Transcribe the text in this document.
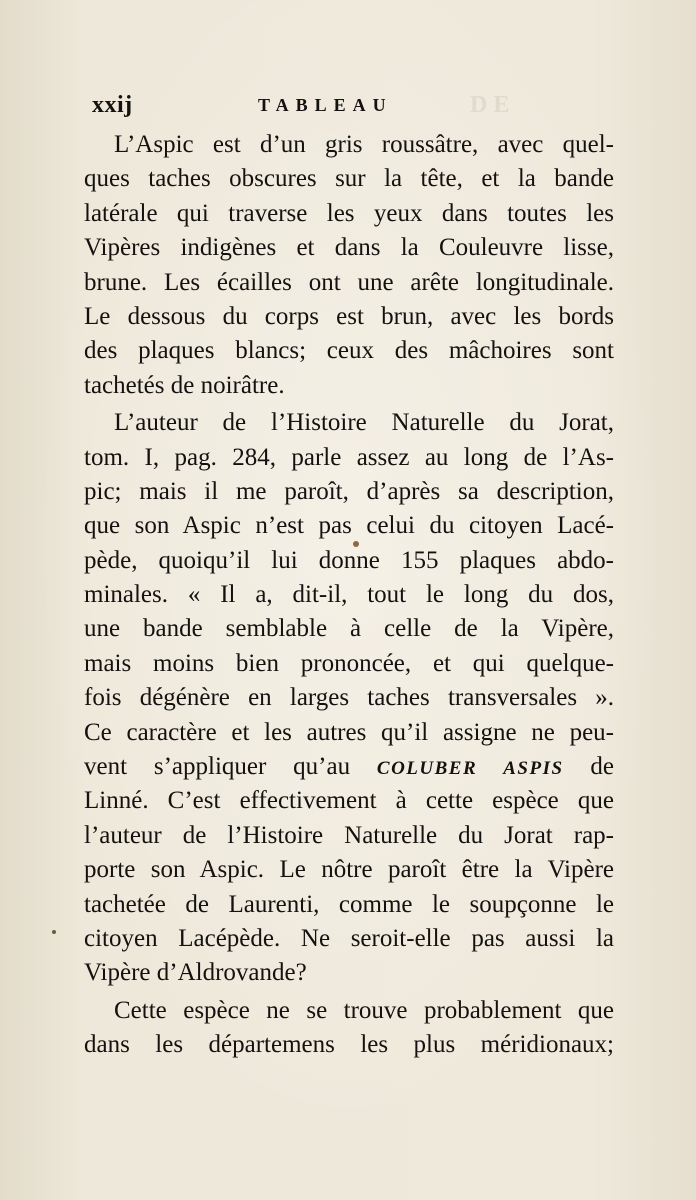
DE
xxij	TABLEAU
L’Aspic est d’un gris roussâtre, avec quel-
ques taches obscures sur la tête, et la bande
latérale qui traverse les yeux dans toutes les
Vipères indigènes et dans la Couleuvre lisse,
brune. Les écailles ont une arête longitudinale.
Le dessous du corps est brun, avec les bords
des plaques blancs; ceux des mâchoires sont
tachetés de noirâtre.
L’auteur de l’Histoire Naturelle du Jorat,
tom. I, pag. 284, parle assez au long de l’As-
pic; mais il me paroît, d’après sa description,
que son Aspic n’est pas celui du citoyen Lacé-
pède, quoiqu’il lui donne 155 plaques abdo-
minales. « Il a, dit-il, tout le long du dos,
une bande semblable à celle de la Vipère,
mais moins bien prononcée, et qui quelque-
fois dégénère en larges taches transversales ».
Ce caractère et les autres qu’il assigne ne peu-
vent s’appliquer qu’au COLUBER ASPIS de
Linné. C’est effectivement à cette espèce que
l’auteur de l’Histoire Naturelle du Jorat rap-
porte son Aspic. Le nôtre paroît être la Vipère
tachetée de Laurenti, comme le soupçonne le
citoyen Lacépède. Ne seroit-elle pas aussi la
Vipère d’Aldrovande?
Cette espèce ne se trouve probablement que
dans les départemens les plus méridionaux;
